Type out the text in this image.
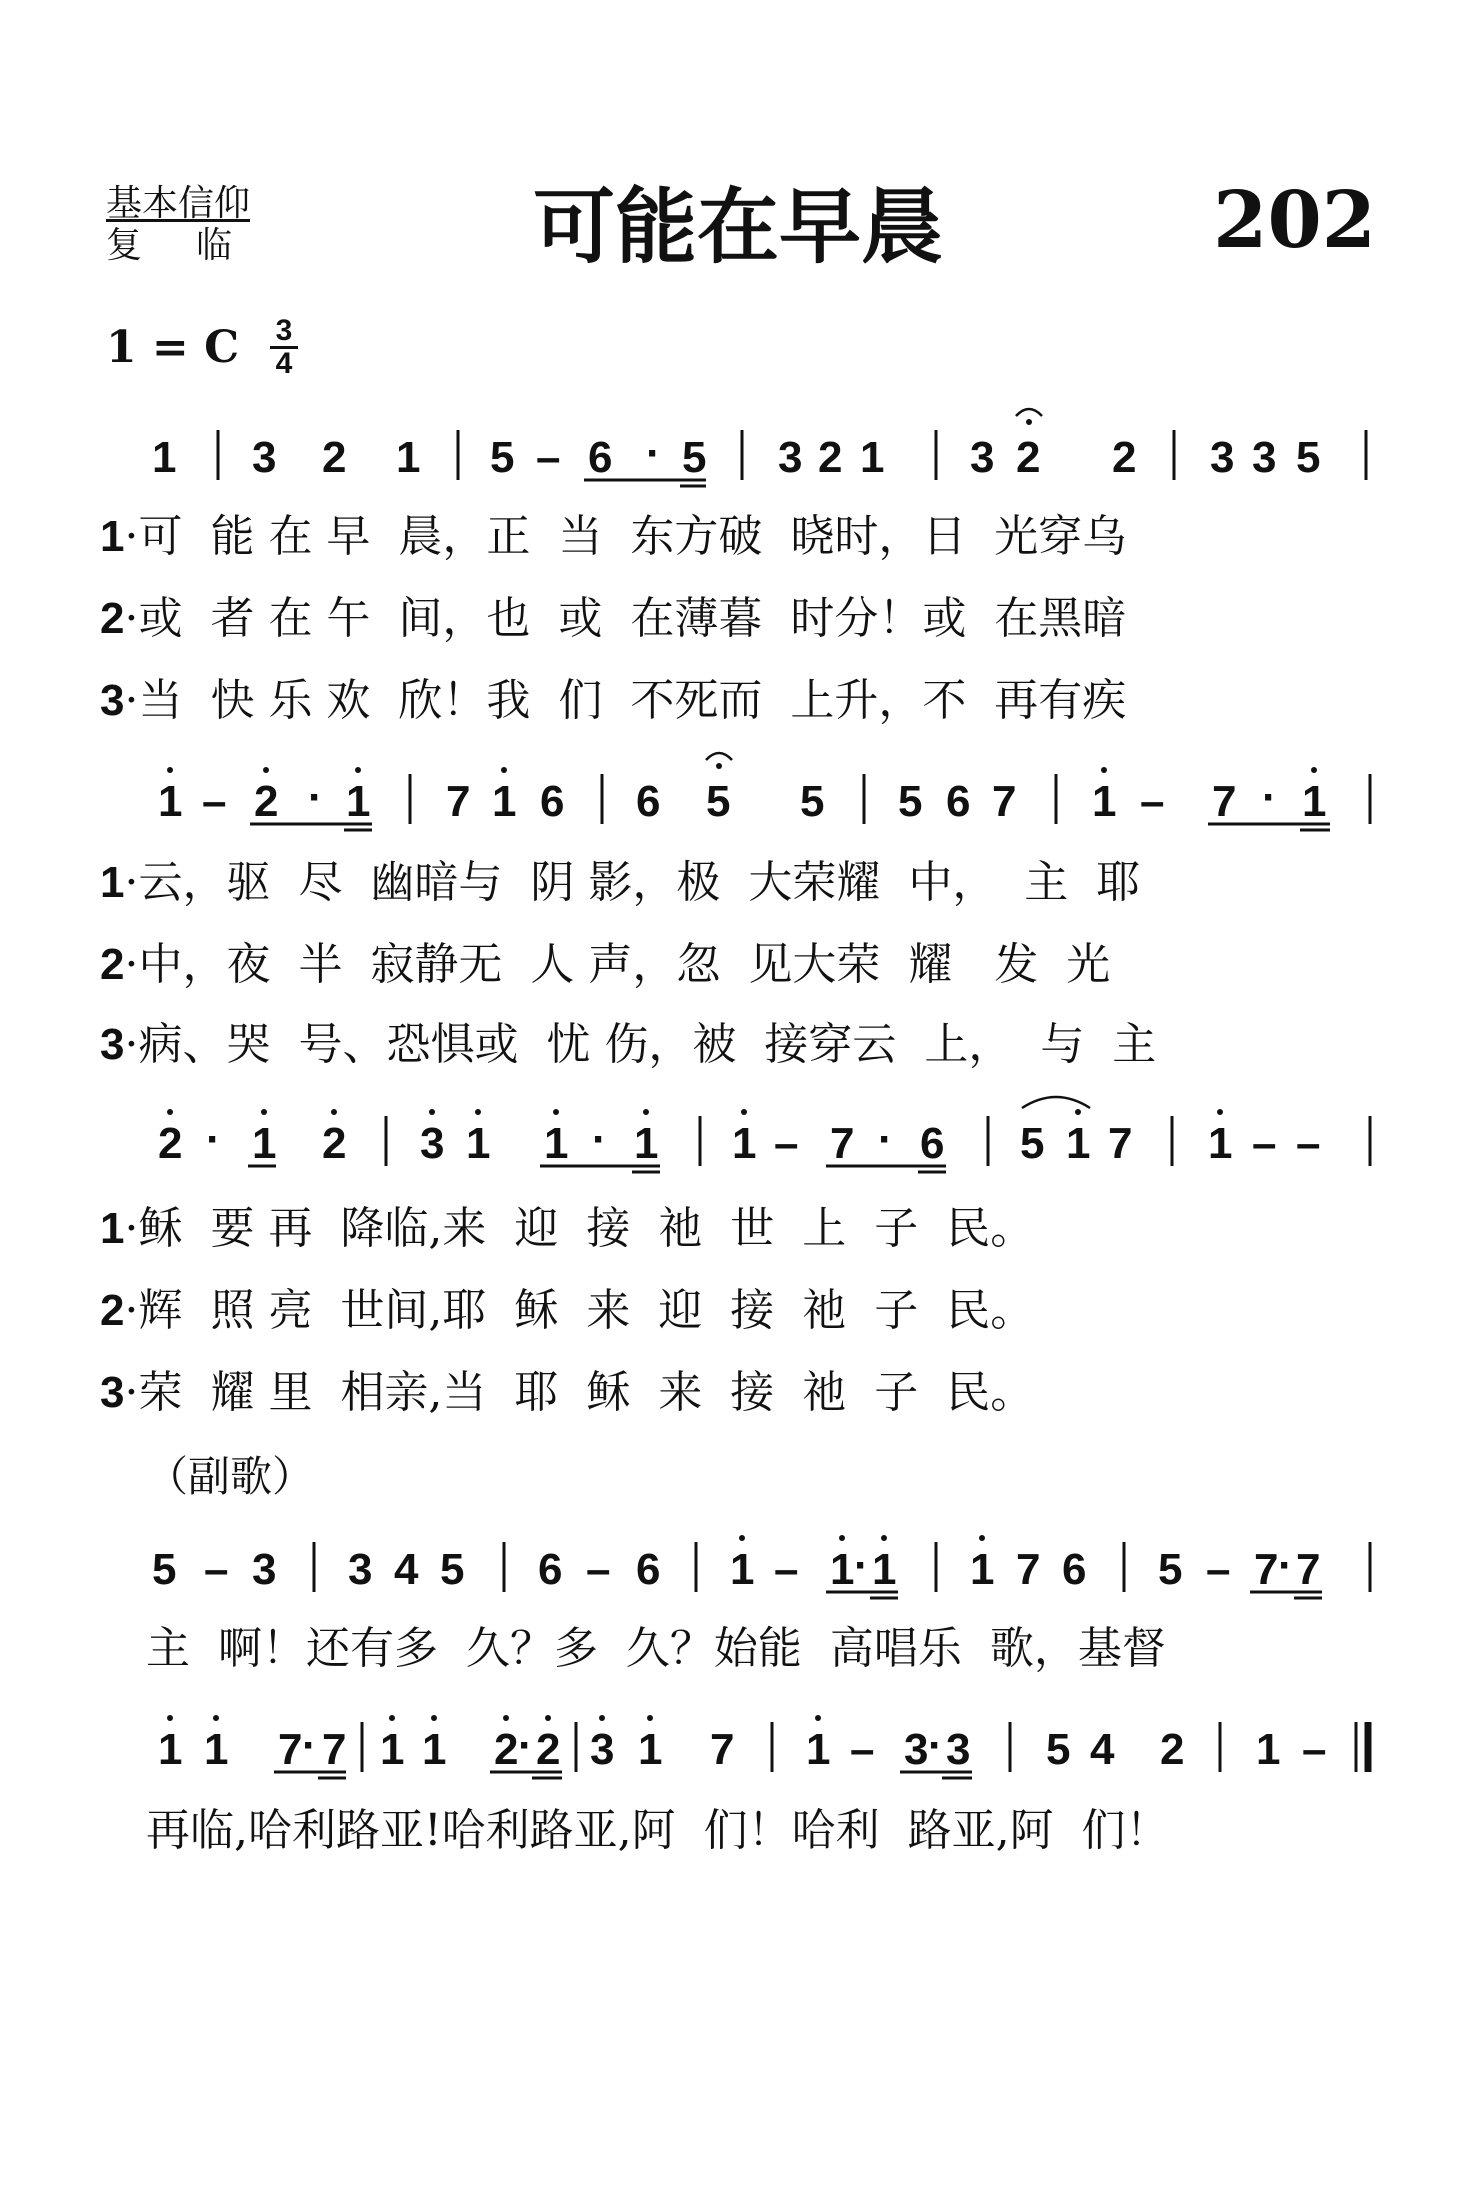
基本信仰
复临	可能在早晨	202
1 = C 3
4
1 3 2 1 5 – 6 · 5 3 2 1 3 2 2 3 3 5
1·可  能 在 早  晨，正  当  东方破  晓时，日  光穿乌
2·或  者 在 午  间，也  或  在薄暮  时分！或  在黑暗
3·当  快 乐 欢  欣！我  们  不死而  上升，不  再有疾
1 – 2 · 1 7 1 6 6 5 5 5 6 7 1 – 7 · 1
1·云，驱  尽  幽暗与  阴 影，极  大荣耀  中，  主  耶
2·中，夜  半  寂静无  人 声，忽  见大荣  耀   发  光
3·病、哭  号、恐惧或  忧 伤，被  接穿云  上，  与  主
2 · 1 2 3 1 1 · 1 1 – 7 · 6 5 1 7 1 – –
1·稣  要 再  降临,来  迎  接  祂  世  上  子  民。
2·辉  照 亮  世间,耶  稣  来  迎  接  祂  子  民。
3·荣  耀 里  相亲,当  耶  稣  来  接  祂  子  民。
（副歌）
5 – 3 3 4 5 6 – 6 1 – 1 · 1 1 7 6 5 – 7 · 7
主  啊！还有多  久？多  久？始能  高唱乐  歌，基督
1 1 7 · 7 1 1 2 · 2 3 1 7 1 – 3 · 3 5 4 2 1 –
再临,哈利路亚!哈利路亚,阿  们！哈利  路亚,阿  们！
